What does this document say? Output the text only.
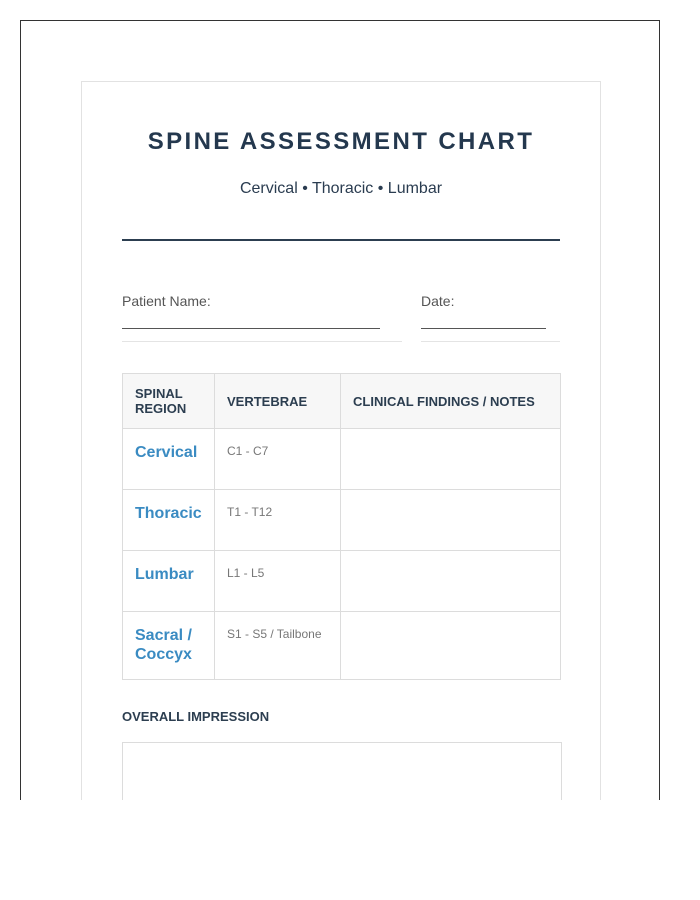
SPINE ASSESSMENT CHART
Cervical • Thoracic • Lumbar
Patient Name:	Date:
SPINAL REGION	VERTEBRAE	CLINICAL FINDINGS / NOTES
Cervical	C1 - C7	
Thoracic	T1 - T12	
Lumbar	L1 - L5	
Sacral / Coccyx	S1 - S5 / Tailbone	
OVERALL IMPRESSION
